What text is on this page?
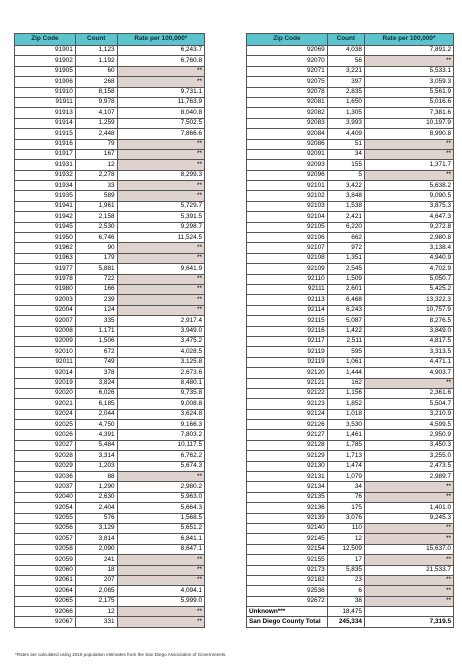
Zip Code	Count	Rate per 100,000*
91901	1,123	6,243.7
91902	1,192	6,760.8
91905	60	**
91906	268	**
91910	8,158	9,731.1
91911	9,978	11,763.9
91913	4,107	8,040.8
91914	1,259	7,502.5
91915	2,448	7,866.6
91916	79	**
91917	167	**
91931	12	**
91932	2,278	8,299.3
91934	33	**
91935	589	**
91941	1,961	5,729.7
91942	2,158	5,391.5
91945	2,530	9,298.7
91950	6,746	11,524.5
91962	90	**
91963	179	**
91977	5,881	9,641.9
91978	722	**
91980	166	**
92003	239	**
92004	124	**
92007	335	2,917.4
92008	1,171	3,949.0
92009	1,506	3,475.2
92010	672	4,028.5
92011	749	3,125.8
92014	378	2,673.6
92019	3,824	8,480.1
92020	6,026	9,735.8
92021	6,185	9,008.8
92024	2,044	3,624.8
92025	4,750	9,166.3
92026	4,391	7,803.2
92027	5,484	10,117.5
92028	3,314	6,762.2
92029	1,203	5,674.3
92036	88	**
92037	1,290	2,980.2
92040	2,630	5,963.0
92054	2,404	5,664.3
92055	576	1,568.5
92056	3,129	5,651.2
92057	3,814	6,841.1
92058	2,090	8,647.1
92059	241	**
92060	18	**
92061	207	**
92064	2,065	4,094.1
92065	2,175	5,999.0
92066	12	**
92067	331	**
Zip Code	Count	Rate per 100,000*
92069	4,038	7,891.2
92070	56	**
92071	3,221	5,533.1
92075	397	3,059.3
92078	2,835	5,561.9
92081	1,650	5,016.6
92082	1,305	7,381.6
92083	3,993	10,197.9
92084	4,409	8,990.8
92086	51	**
92091	34	**
92093	155	1,371.7
92096	5	**
92101	3,422	5,638.2
92102	3,848	9,090.5
92103	1,538	3,875.3
92104	2,421	4,647.3
92105	6,220	9,272.8
92106	662	2,980.8
92107	972	3,138.4
92108	1,351	4,940.9
92109	2,545	4,702.9
92110	1,509	5,050.7
92111	2,601	5,425.2
92113	6,468	13,322.3
92114	6,243	10,757.9
92115	5,087	8,276.5
92116	1,422	3,849.0
92117	2,511	4,817.5
92119	595	3,313.5
92119	1,061	4,471.1
92120	1,444	4,903.7
92121	162	**
92122	1,156	2,361.6
92123	1,852	5,504.7
92124	1,018	3,210.9
92126	3,530	4,599.5
92127	1,461	2,950.9
92128	1,785	3,450.3
92129	1,713	3,255.0
92130	1,474	2,473.5
92131	1,079	2,989.7
92134	34	**
92135	76	**
92136	175	1,401.0
92139	3,076	9,245.3
92140	110	**
92145	12	**
92154	12,509	15,637.0
92155	17	**
92173	5,835	21,533.7
92182	23	**
92536	6	**
92672	38	**
Unknown***	18,475	
San Diego County Total	245,334	7,319.5
*Rates are calculated using 2019 population estimates from the San Diego Association of Governments.
